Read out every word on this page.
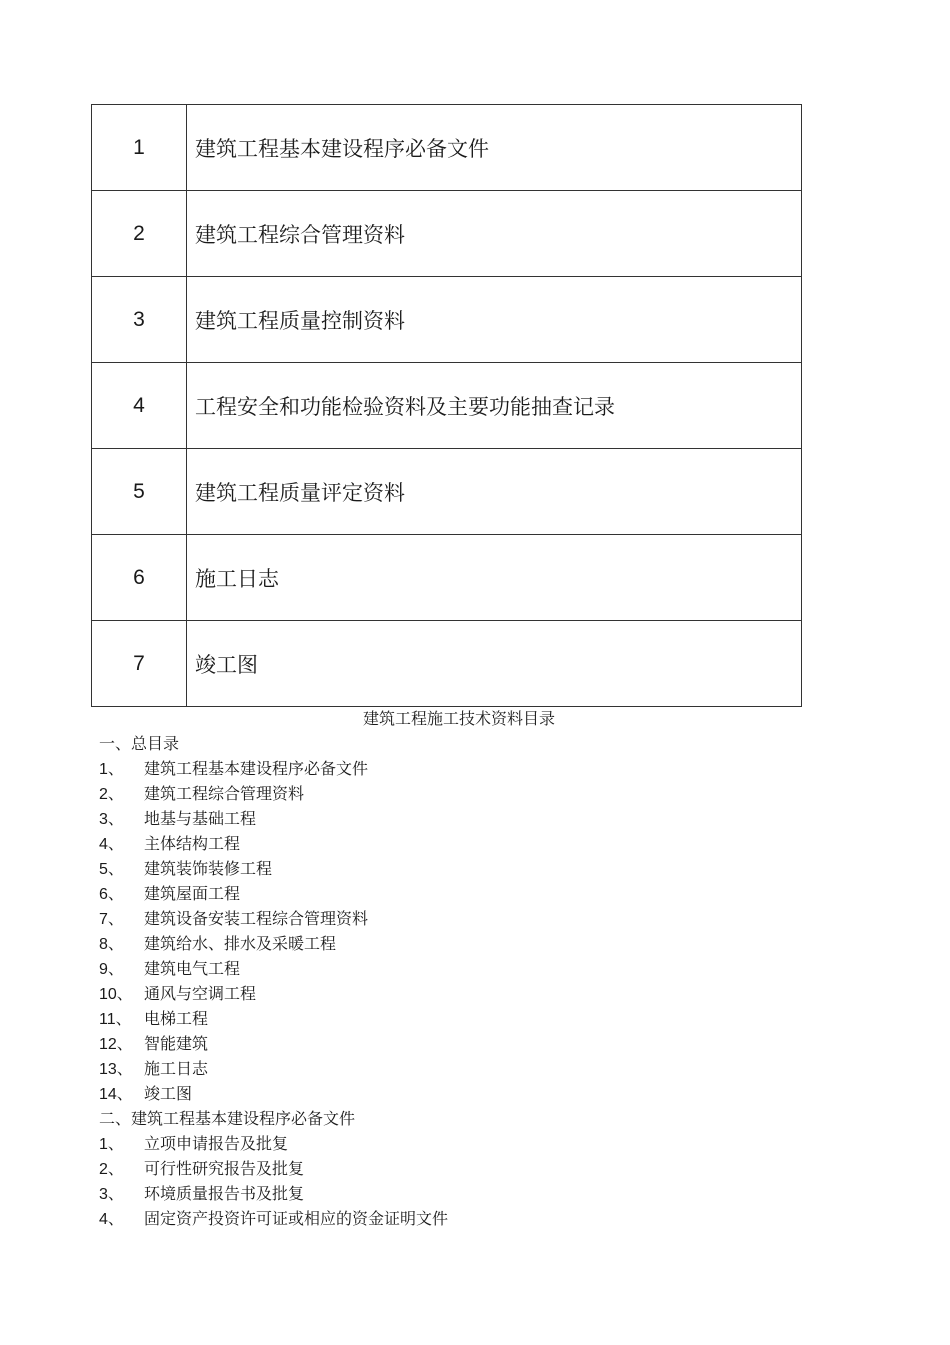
1	建筑工程基本建设程序必备文件
2	建筑工程综合管理资料
3	建筑工程质量控制资料
4	工程安全和功能检验资料及主要功能抽查记录
5	建筑工程质量评定资料
6	施工日志
7	竣工图
建筑工程施工技术资料目录
一、总目录
1、 建筑工程基本建设程序必备文件
2、 建筑工程综合管理资料
3、 地基与基础工程
4、 主体结构工程
5、 建筑装饰装修工程
6、 建筑屋面工程
7、 建筑设备安装工程综合管理资料
8、 建筑给水、排水及采暖工程
9、 建筑电气工程
10、 通风与空调工程
11、 电梯工程
12、 智能建筑
13、 施工日志
14、 竣工图
二、建筑工程基本建设程序必备文件
1、 立项申请报告及批复
2、 可行性研究报告及批复
3、 环境质量报告书及批复
4、 固定资产投资许可证或相应的资金证明文件
